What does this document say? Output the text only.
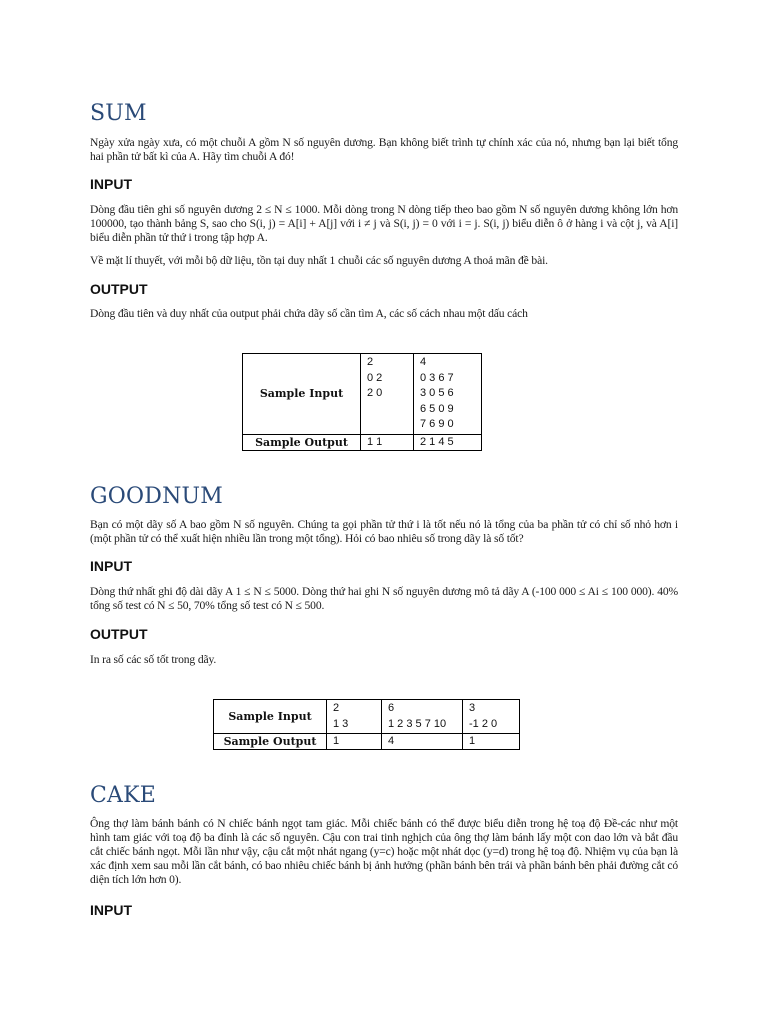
SUM

Ngày xửa ngày xưa, có một chuỗi A gồm N số nguyên dương. Bạn không biết trình tự chính xác của nó, nhưng bạn lại biết tổng hai phần tử bất kì của A. Hãy tìm chuỗi A đó!

INPUT

Dòng đầu tiên ghi số nguyên dương 2 ≤ N ≤ 1000. Mỗi dòng trong N dòng tiếp theo bao gồm N số nguyên dương không lớn hơn 100000, tạo thành bảng S, sao cho S(i, j) = A[i] + A[j] với i ≠ j và S(i, j) = 0 với i = j. S(i, j) biểu diễn ô ở hàng i và cột j, và A[i] biểu diễn phần tử thứ i trong tập hợp A.

Về mặt lí thuyết, với mỗi bộ dữ liệu, tồn tại duy nhất 1 chuỗi các số nguyên dương A thoả mãn đề bài.

OUTPUT

Dòng đầu tiên và duy nhất của output phải chứa dãy số cần tìm A, các số cách nhau một dấu cách

Sample Input	2
0 2
2 0	4
0 3 6 7
3 0 5 6
6 5 0 9
7 6 9 0

Sample Output	1 1	2 1 4 5
GOODNUM

Bạn có một dãy số A bao gồm N số nguyên. Chúng ta gọi phần tử thứ i là tốt nếu nó là tổng của ba phần tử có chỉ số nhỏ hơn i (một phần tử có thể xuất hiện nhiều lần trong một tổng). Hỏi có bao nhiêu số trong dãy là số tốt?

INPUT

Dòng thứ nhất ghi độ dài dãy A 1 ≤ N ≤ 5000. Dòng thứ hai ghi N số nguyên dương mô tả dãy A (-100 000 ≤ Ai ≤ 100 000). 40% tổng số test có N ≤ 50, 70% tổng số test có N ≤ 500.

OUTPUT

In ra số các số tốt trong dãy.

Sample Input	2
1 3	6
1 2 3 5 7 10	3
-1 2 0

Sample Output	1	4	1
CAKE

Ông thợ làm bánh bánh có N chiếc bánh ngọt tam giác. Mỗi chiếc bánh có thể được biểu diễn trong hệ toạ độ Đề-các như một hình tam giác với toạ độ ba đỉnh là các số nguyên. Cậu con trai tinh nghịch của ông thợ làm bánh lấy một con dao lớn và bắt đầu cắt chiếc bánh ngọt. Mỗi lần như vậy, cậu cắt một nhát ngang (y=c) hoặc một nhát dọc (y=d) trong hệ toạ độ. Nhiệm vụ của bạn là xác định xem sau mỗi lần cắt bánh, có bao nhiêu chiếc bánh bị ảnh hưởng (phần bánh bên trái và phần bánh bên phải đường cắt có diện tích lớn hơn 0).

INPUT
